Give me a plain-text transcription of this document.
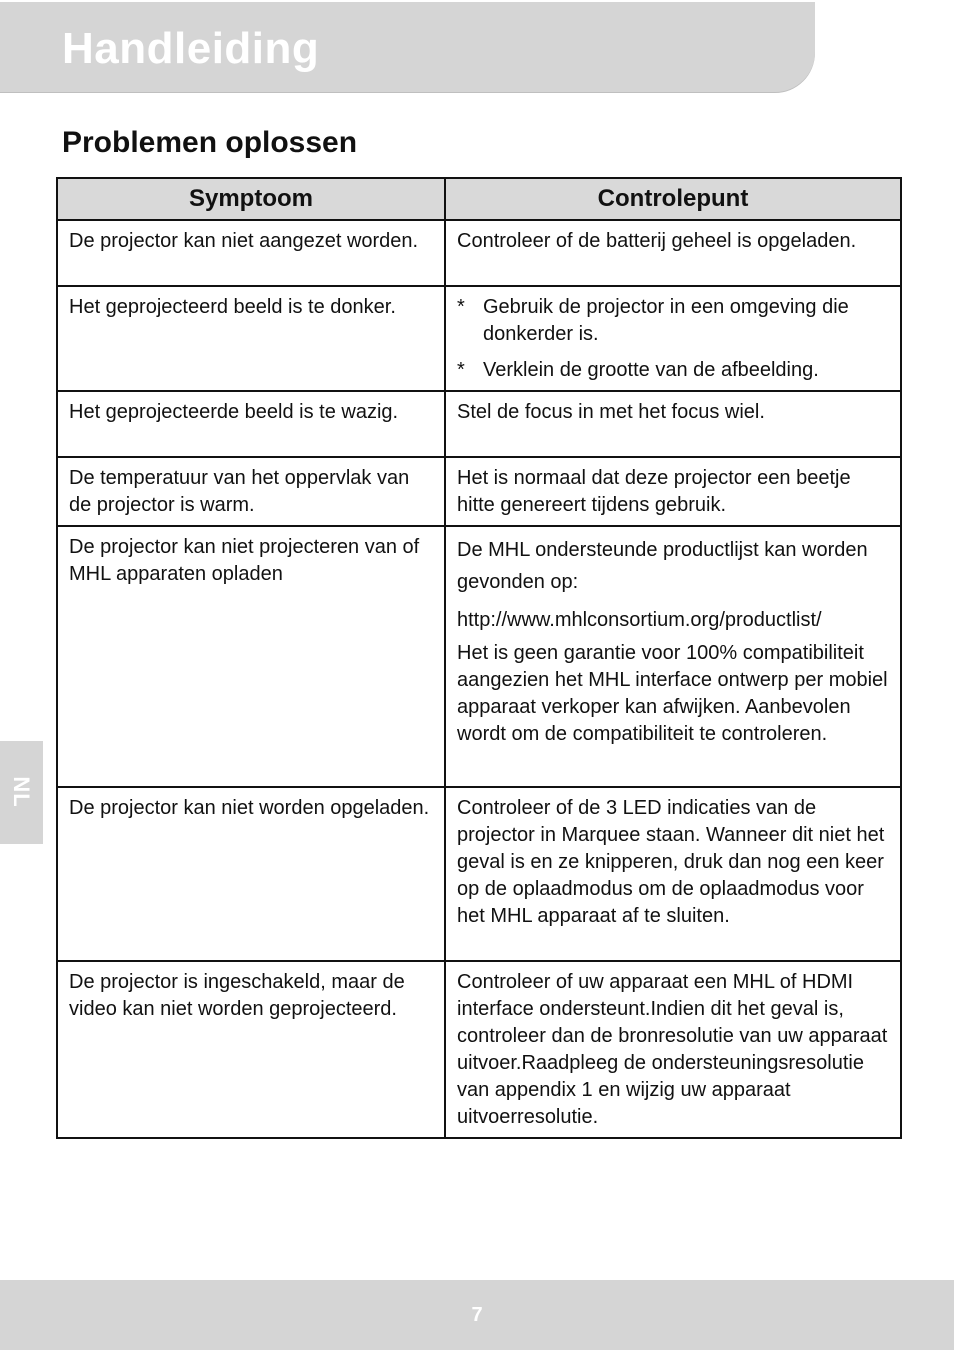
Handleiding
Problemen oplossen
NL
Symptoom	Controlepunt
De projector kan niet aangezet worden.	Controleer of de batterij geheel is opgeladen.
Het geprojecteerd beeld is te donker.	* Gebruik de projector in een omgeving die donkerder is.
* Verklein de grootte van de afbeelding.

Het geprojecteerde beeld is te wazig.	Stel de focus in met het focus wiel.
De temperatuur van het oppervlak van de projector is warm.	Het is normaal dat deze projector een beetje hitte genereert tijdens gebruik.
De projector kan niet projecteren van of MHL apparaten opladen	De MHL ondersteunde productlijst kan worden gevonden op:
http://www.mhlconsortium.org/productlist/
Het is geen garantie voor 100% compatibiliteit aangezien het MHL interface ontwerp per mobiel apparaat verkoper kan afwijken. Aanbevolen wordt om de compatibiliteit te controleren.

De projector kan niet worden opgeladen.	Controleer of de 3 LED indicaties van de projector in Marquee staan. Wanneer dit niet het geval is en ze knipperen, druk dan nog een keer op de oplaadmodus om de oplaadmodus voor het MHL apparaat af te sluiten.
De projector is ingeschakeld, maar de video kan niet worden geprojecteerd.	Controleer of uw apparaat een MHL of HDMI interface ondersteunt.Indien dit het geval is, controleer dan de bronresolutie van uw apparaat uitvoer.Raadpleeg de ondersteuningsresolutie van appendix 1 en wijzig uw apparaat uitvoerresolutie.
7
